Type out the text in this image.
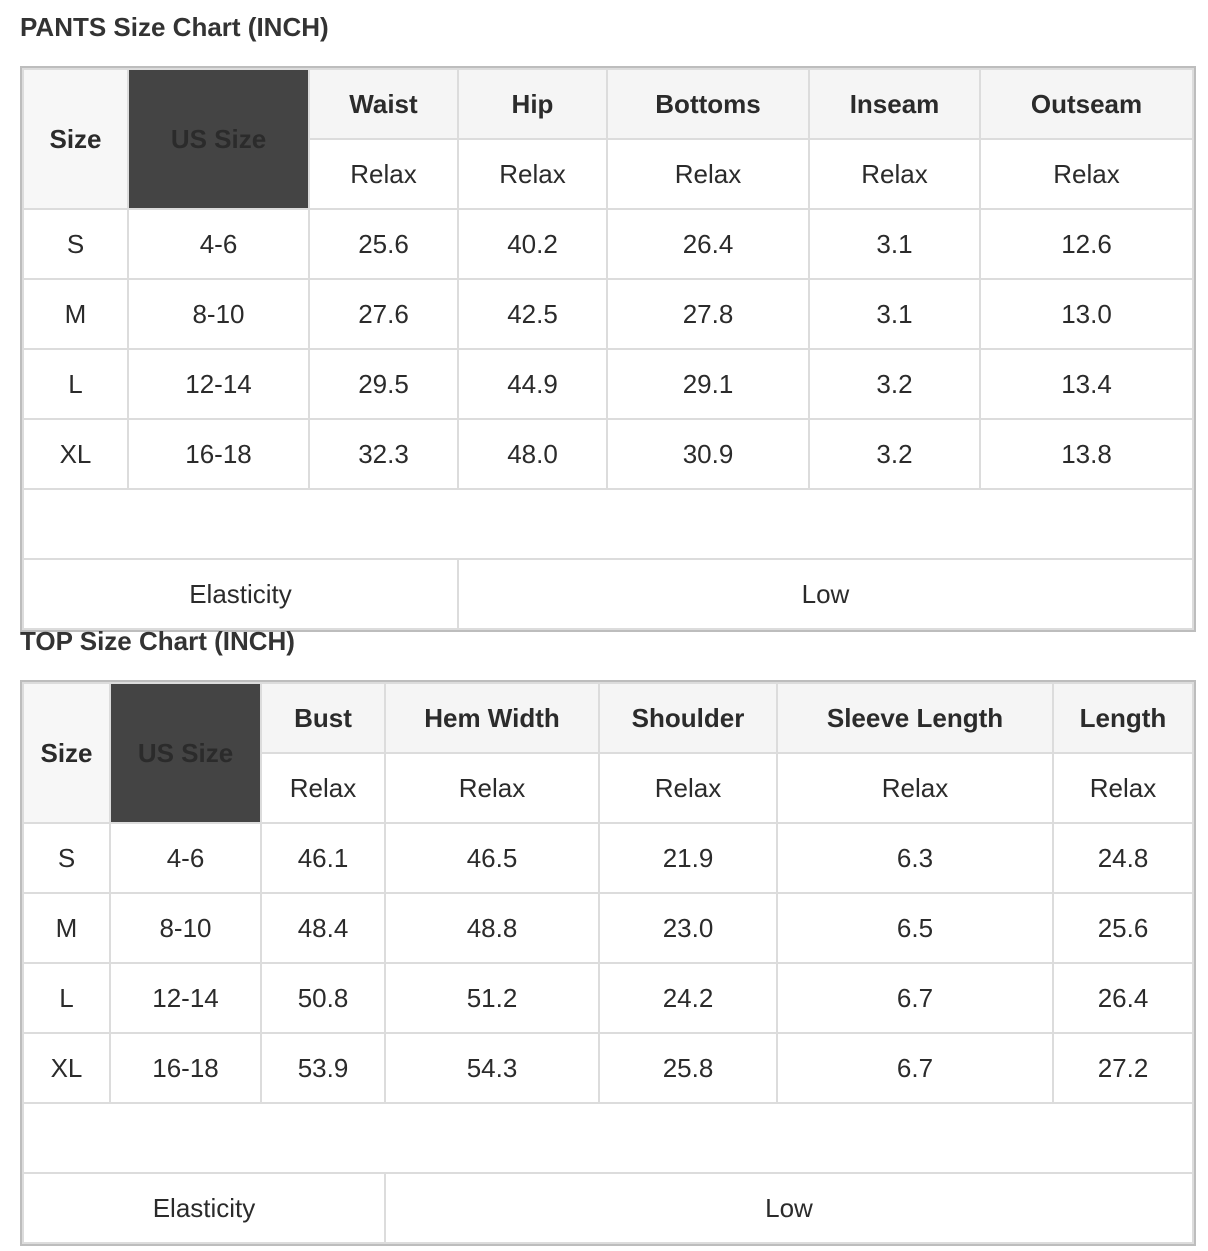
PANTS Size Chart (INCH)
Size	US Size	Waist	Hip	Bottoms	Inseam	Outseam
		Relax	Relax	Relax	Relax	Relax
S	4-6	25.6	40.2	26.4	3.1	12.6
M	8-10	27.6	42.5	27.8	3.1	13.0
L	12-14	29.5	44.9	29.1	3.2	13.4
XL	16-18	32.3	48.0	30.9	3.2	13.8

Elasticity			Low			
TOP Size Chart (INCH)
Size	US Size	Bust	Hem Width	Shoulder	Sleeve Length	Length
		Relax	Relax	Relax	Relax	Relax
S	4-6	46.1	46.5	21.9	6.3	24.8
M	8-10	48.4	48.8	23.0	6.5	25.6
L	12-14	50.8	51.2	24.2	6.7	26.4
XL	16-18	53.9	54.3	25.8	6.7	27.2

Elasticity			Low			
